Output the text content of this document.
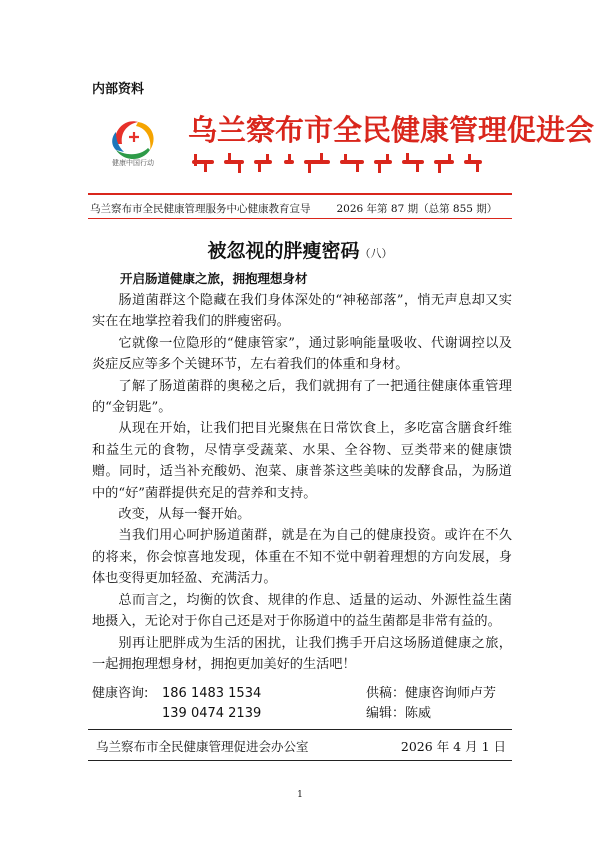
内部资料
健康中国行动
乌兰察布市全民健康管理促进会
乌兰察布市全民健康管理服务中心健康教育宣导 2026 年第 87 期（总第 855 期）
被忽视的胖瘦密码（八）
开启肠道健康之旅，拥抱理想身材

肠道菌群这个隐藏在我们身体深处的“神秘部落”，悄无声息却又实实在在地掌控着我们的胖瘦密码。

它就像一位隐形的“健康管家”，通过影响能量吸收、代谢调控以及炎症反应等多个关键环节，左右着我们的体重和身材。

了解了肠道菌群的奥秘之后，我们就拥有了一把通往健康体重管理的“金钥匙”。

从现在开始，让我们把目光聚焦在日常饮食上，多吃富含膳食纤维和益生元的食物，尽情享受蔬菜、水果、全谷物、豆类带来的健康馈赠。同时，适当补充酸奶、泡菜、康普茶这些美味的发酵食品，为肠道中的“好”菌群提供充足的营养和支持。

改变，从每一餐开始。

当我们用心呵护肠道菌群，就是在为自己的健康投资。或许在不久的将来，你会惊喜地发现，体重在不知不觉中朝着理想的方向发展，身体也变得更加轻盈、充满活力。

总而言之，均衡的饮食、规律的作息、适量的运动、外源性益生菌地摄入，无论对于你自己还是对于你肠道中的益生菌都是非常有益的。

别再让肥胖成为生活的困扰，让我们携手开启这场肠道健康之旅，一起拥抱理想身材，拥抱更加美好的生活吧！

健康咨询: 186 1483 1534	供稿：健康咨询师卢芳
139 0474 2139	编辑：陈威
乌兰察布市全民健康管理促进会办公室	2026 年 4 月 1 日
1
